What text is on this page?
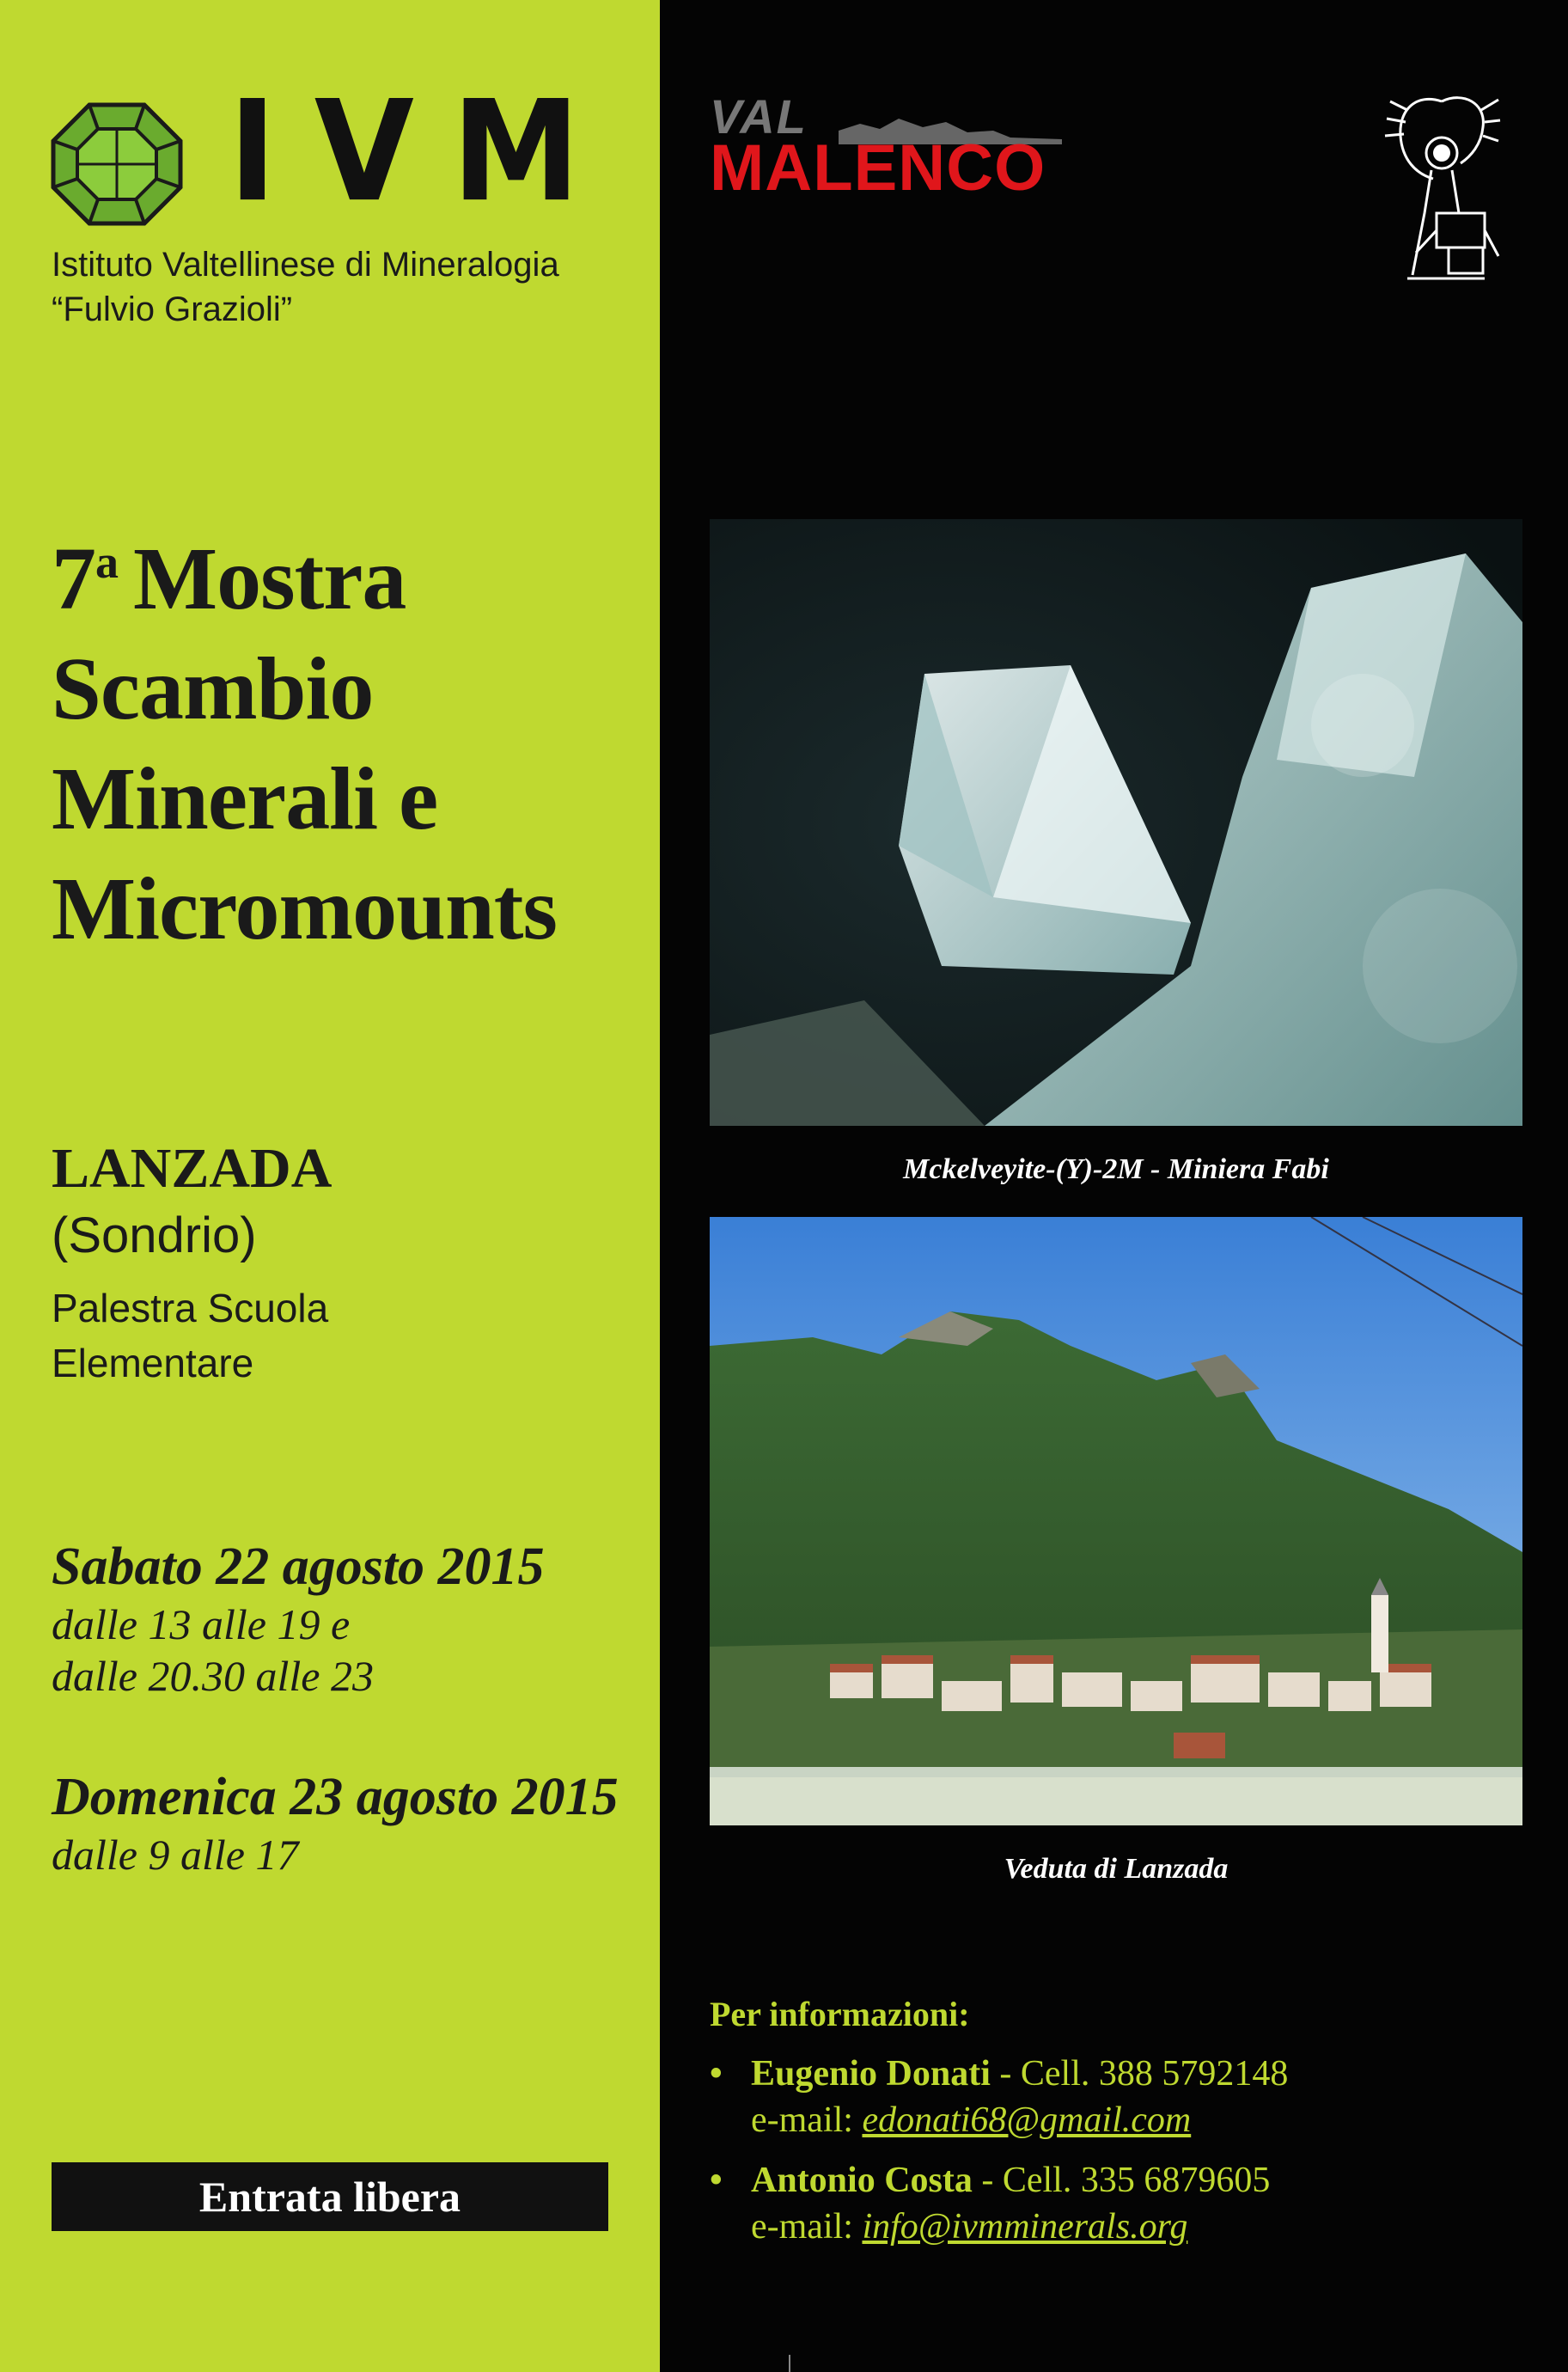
IVM
Istituto Valtellinese di Mineralogia
“Fulvio Grazioli”
7$^a$ Mostra
Scambio
Minerali e
Micromounts
LANZADA
(Sondrio)
Palestra Scuola
Elementare
Sabato 22 agosto 2015
dalle 13 alle 19 e
dalle 20.30 alle 23
Domenica 23 agosto 2015
dalle 9 alle 17
Entrata libera
VAL
MALENCO
Mckelveyite-(Y)-2M - Miniera Fabi
Veduta di Lanzada
Per informazioni:
• Eugenio Donati - Cell. 388 5792148
e-mail: edonati68@gmail.com
• Antonio Costa - Cell. 335 6879605
e-mail: info@ivmminerals.org
